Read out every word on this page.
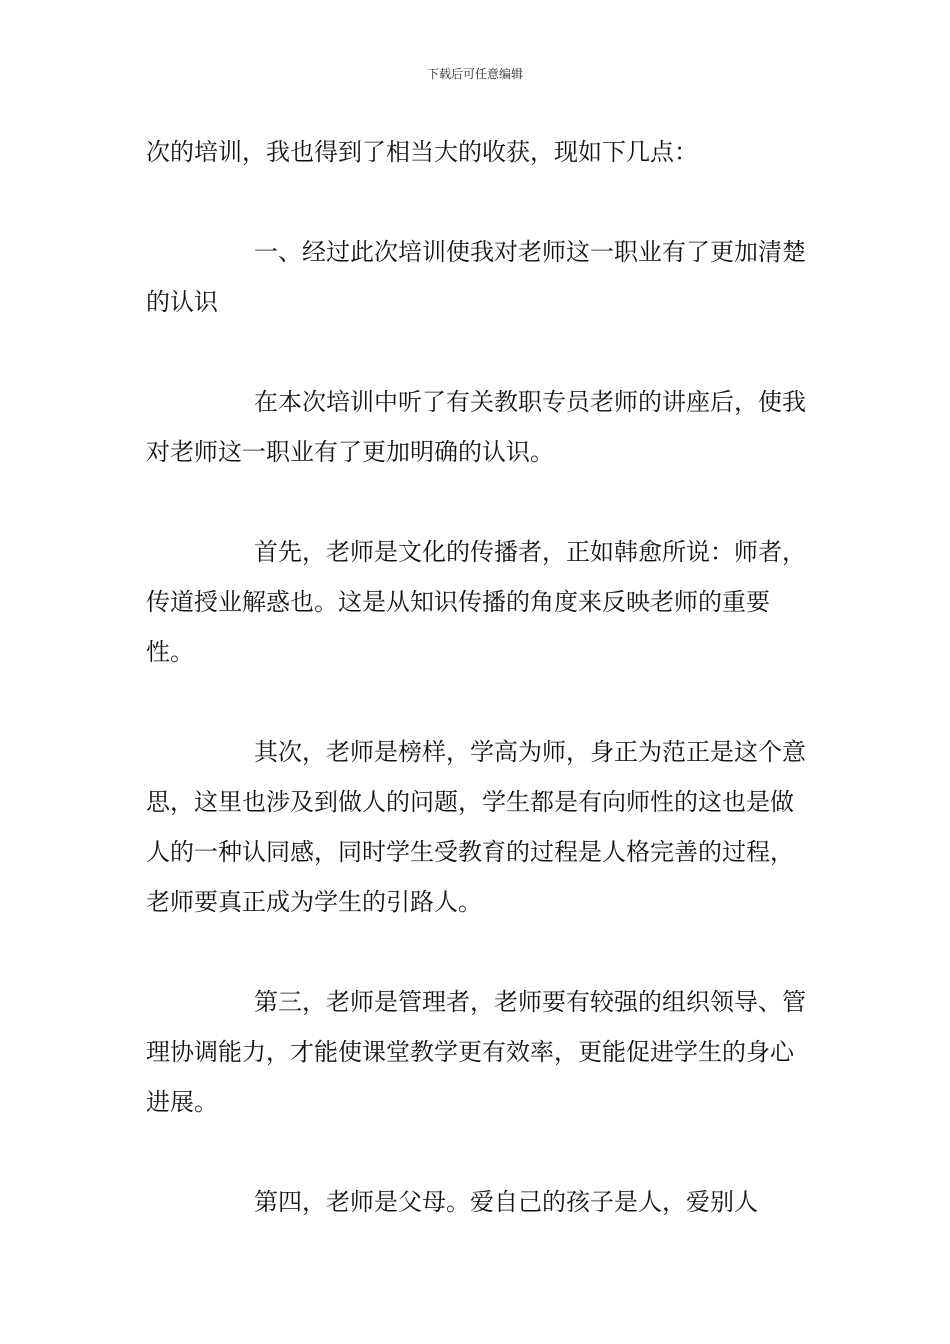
下载后可任意编辑

次的培训，我也得到了相当大的收获，现如下几点：

一、经过此次培训使我对老师这一职业有了更加清楚的认识

在本次培训中听了有关教职专员老师的讲座后，使我对老师这一职业有了更加明确的认识。

首先，老师是文化的传播者，正如韩愈所说：师者，传道授业解惑也。这是从知识传播的角度来反映老师的重要性。

其次，老师是榜样，学高为师，身正为范正是这个意思，这里也涉及到做人的问题，学生都是有向师性的这也是做人的一种认同感，同时学生受教育的过程是人格完善的过程，老师要真正成为学生的引路人。

第三，老师是管理者，老师要有较强的组织领导、管理协调能力，才能使课堂教学更有效率，更能促进学生的身心进展。

第四，老师是父母。爱自己的孩子是人，爱别人
